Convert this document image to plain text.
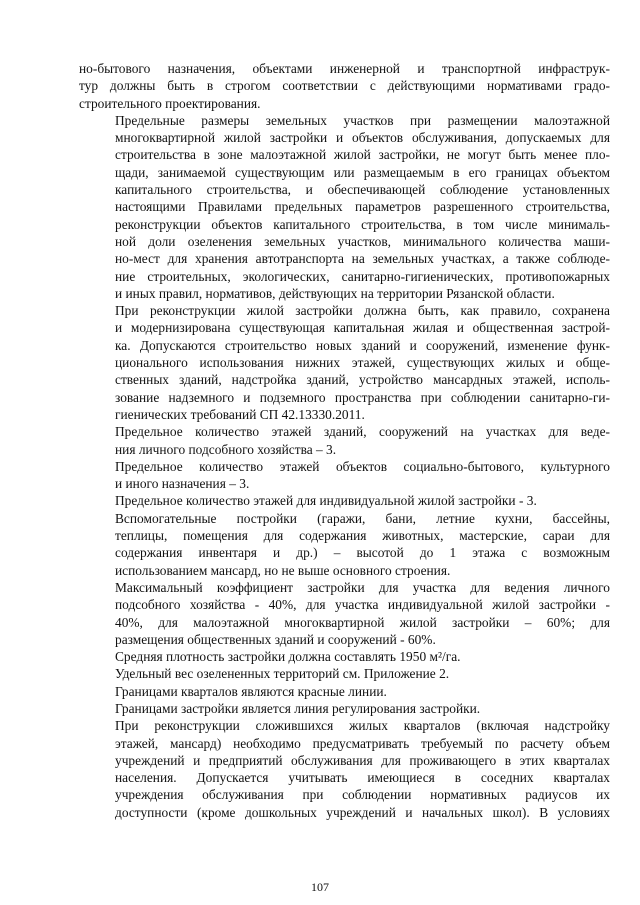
но-бытового назначения, объектами инженерной и транспортной инфраструк-
тур должны быть в строгом соответствии с действующими нормативами градо-
строительного проектирования.
Предельные размеры земельных участков при размещении малоэтажной
многоквартирной жилой застройки и объектов обслуживания, допускаемых для
строительства в зоне малоэтажной жилой застройки, не могут быть менее пло-
щади, занимаемой существующим или размещаемым в его границах объектом
капитального строительства, и обеспечивающей соблюдение установленных
настоящими Правилами предельных параметров разрешенного строительства,
реконструкции объектов капитального строительства, в том числе минималь-
ной доли озеленения земельных участков, минимального количества маши-
но-мест для хранения автотранспорта на земельных участках, а также соблюде-
ние строительных, экологических, санитарно-гигиенических, противопожарных
и иных правил, нормативов, действующих на территории Рязанской области.
При реконструкции жилой застройки должна быть, как правило, сохранена
и модернизирована существующая капитальная жилая и общественная застрой-
ка. Допускаются строительство новых зданий и сооружений, изменение функ-
ционального использования нижних этажей, существующих жилых и обще-
ственных зданий, надстройка зданий, устройство мансардных этажей, исполь-
зование надземного и подземного пространства при соблюдении санитарно-ги-
гиенических требований СП 42.13330.2011.
Предельное количество этажей зданий, сооружений на участках для веде-
ния личного подсобного хозяйства – 3.
Предельное количество этажей объектов социально-бытового, культурного
и иного назначения – 3.
Предельное количество этажей для индивидуальной жилой застройки - 3.
Вспомогательные постройки (гаражи, бани, летние кухни, бассейны,
теплицы, помещения для содержания животных, мастерские, сараи для
содержания инвентаря и др.) – высотой до 1 этажа с возможным
использованием мансард, но не выше основного строения.
Максимальный коэффициент застройки для участка для ведения личного
подсобного хозяйства - 40%, для участка индивидуальной жилой застройки -
40%, для малоэтажной многоквартирной жилой застройки – 60%; для
размещения общественных зданий и сооружений - 60%.
Средняя плотность застройки должна составлять 1950 м²/га.
Удельный вес озелененных территорий см. Приложение 2.
Границами кварталов являются красные линии.
Границами застройки является линия регулирования застройки.
При реконструкции сложившихся жилых кварталов (включая надстройку
этажей, мансард) необходимо предусматривать требуемый по расчету объем
учреждений и предприятий обслуживания для проживающего в этих кварталах
населения. Допускается учитывать имеющиеся в соседних кварталах
учреждения обслуживания при соблюдении нормативных радиусов их
доступности (кроме дошкольных учреждений и начальных школ). В условиях
107
